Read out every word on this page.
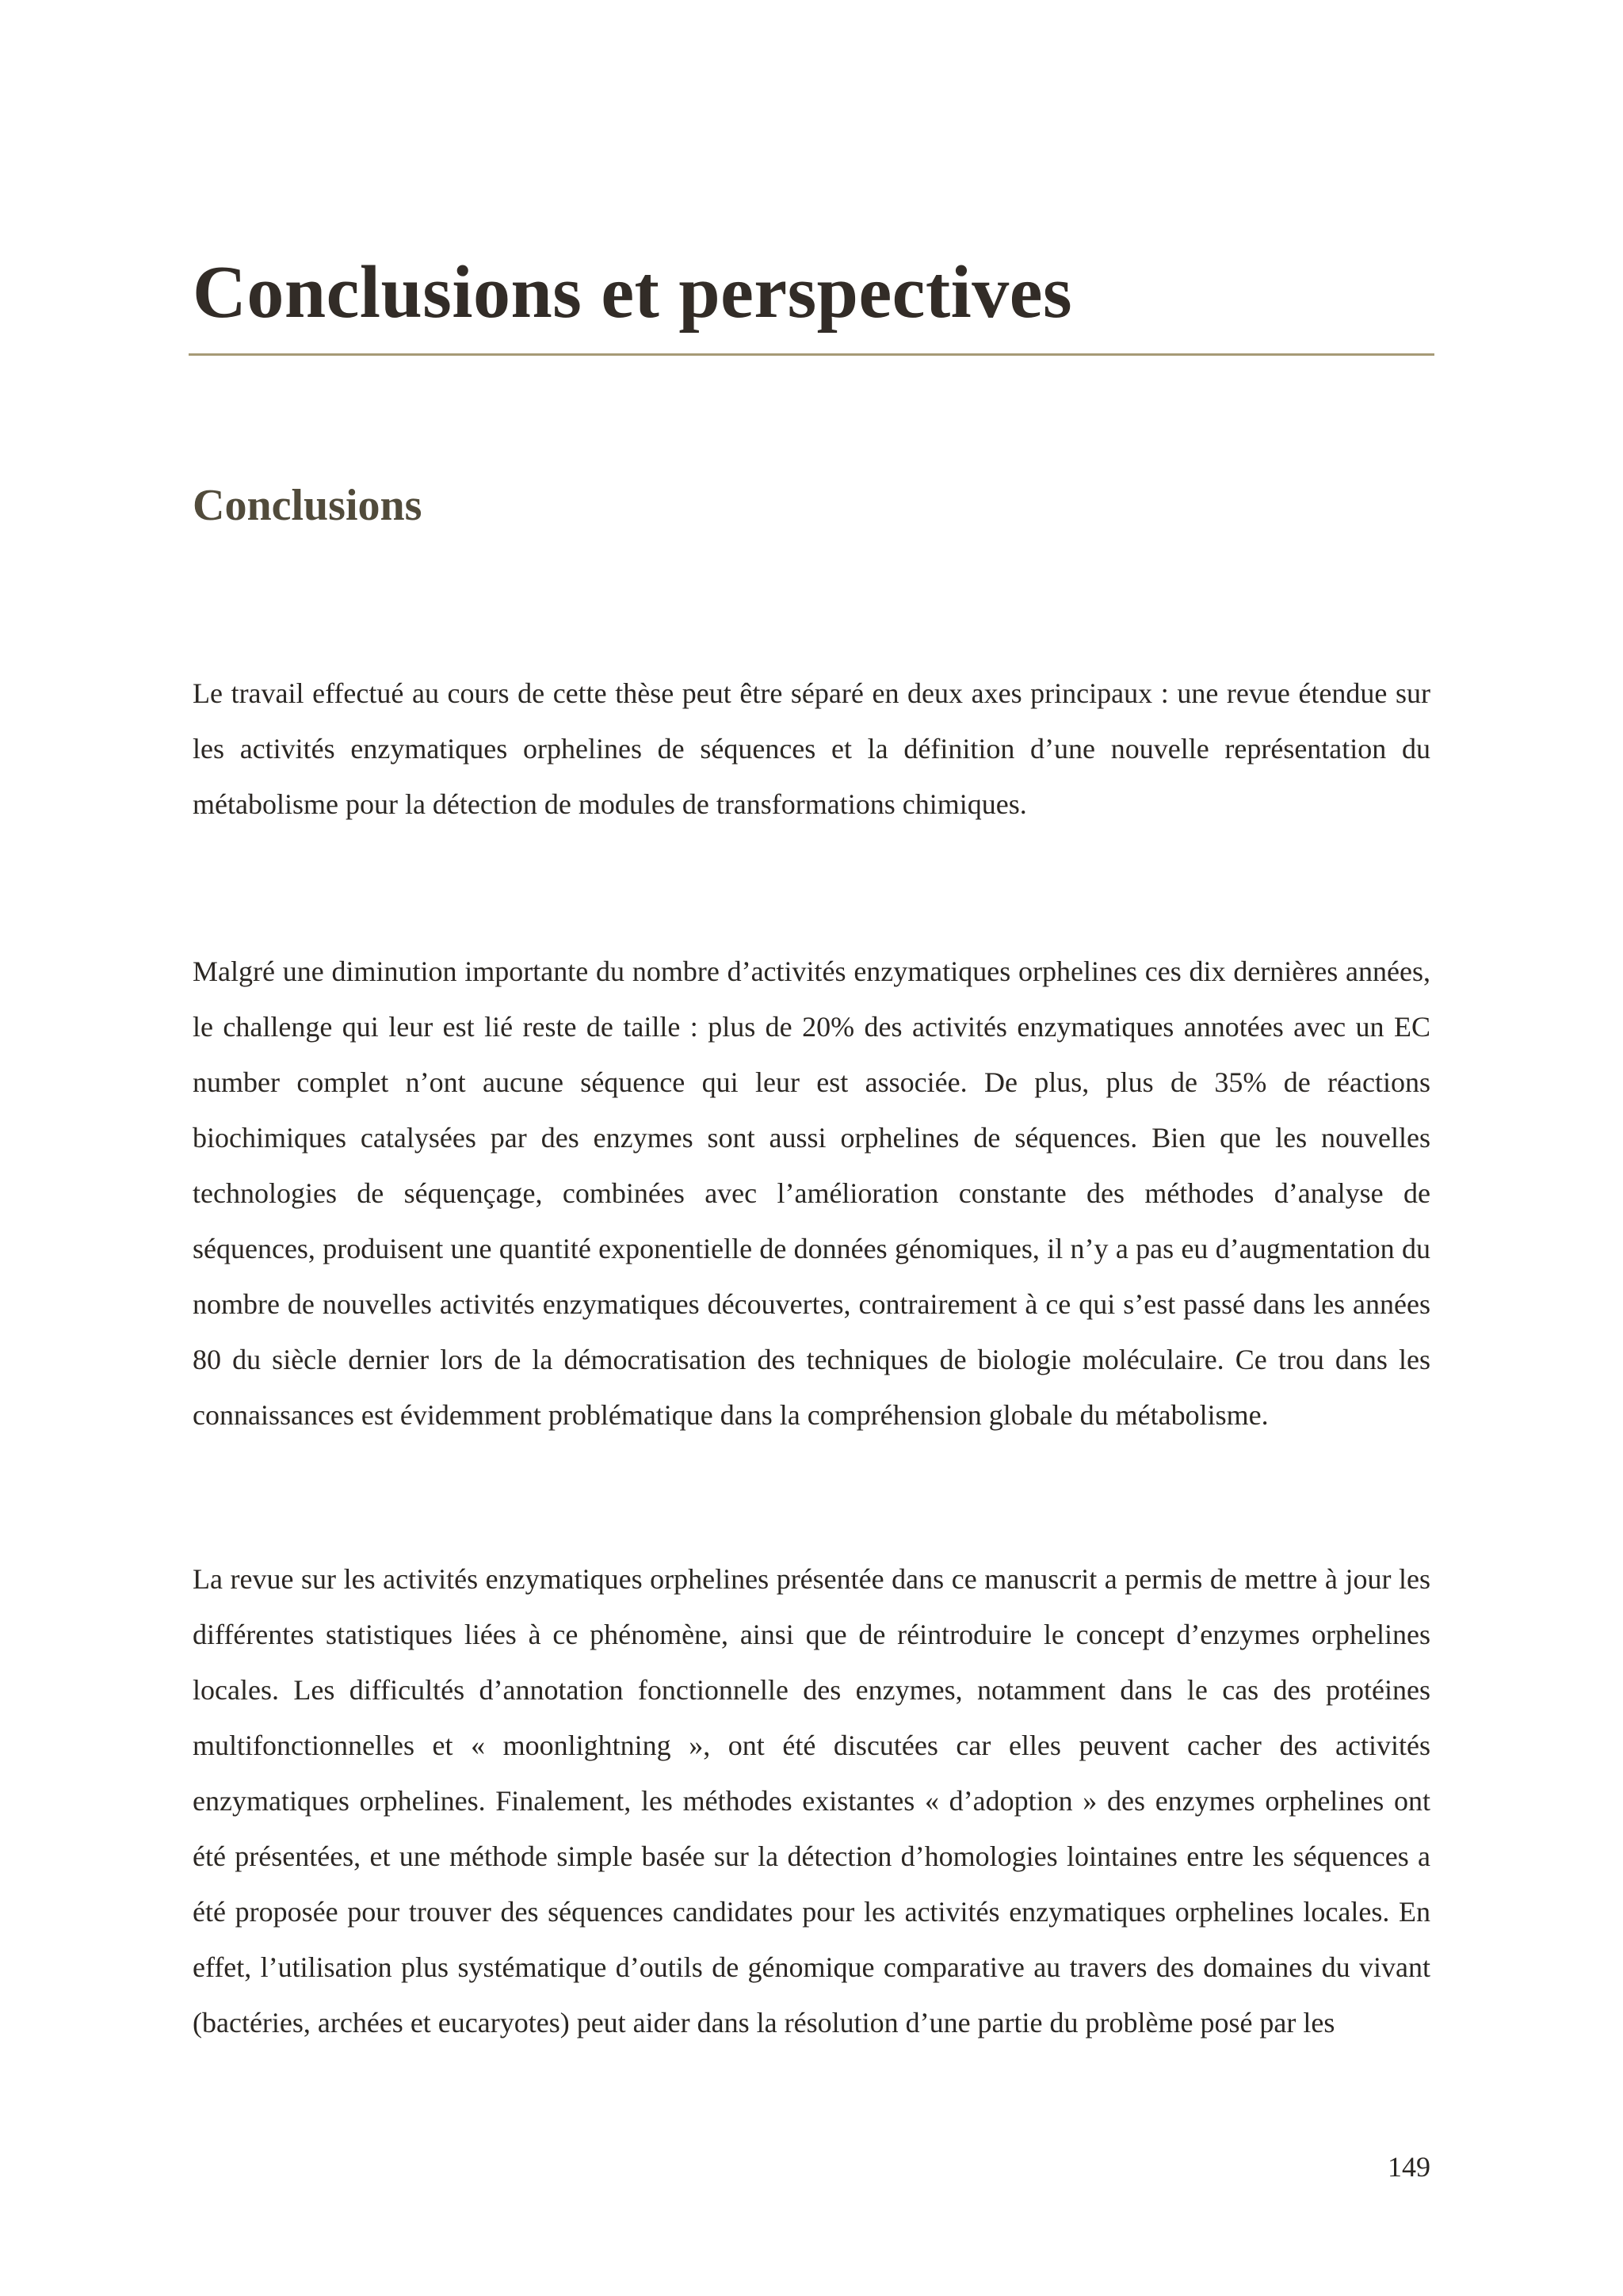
Conclusions et perspectives
Conclusions

Le travail effectué au cours de cette thèse peut être séparé en deux axes principaux : une revue étendue sur les activités enzymatiques orphelines de séquences et la définition d’une nouvelle représentation du métabolisme pour la détection de modules de transformations chimiques.

Malgré une diminution importante du nombre d’activités enzymatiques orphelines ces dix dernières années, le challenge qui leur est lié reste de taille : plus de 20% des activités enzymatiques annotées avec un EC number complet n’ont aucune séquence qui leur est associée. De plus, plus de 35% de réactions biochimiques catalysées par des enzymes sont aussi orphelines de séquences. Bien que les nouvelles technologies de séquençage, combinées avec l’amélioration constante des méthodes d’analyse de séquences, produisent une quantité exponentielle de données génomiques, il n’y a pas eu d’augmentation du nombre de nouvelles activités enzymatiques découvertes, contrairement à ce qui s’est passé dans les années 80 du siècle dernier lors de la démocratisation des techniques de biologie moléculaire. Ce trou dans les connaissances est évidemment problématique dans la compréhension globale du métabolisme.

La revue sur les activités enzymatiques orphelines présentée dans ce manuscrit a permis de mettre à jour les différentes statistiques liées à ce phénomène, ainsi que de réintroduire le concept d’enzymes orphelines locales. Les difficultés d’annotation fonctionnelle des enzymes, notamment dans le cas des protéines multifonctionnelles et « moonlightning », ont été discutées car elles peuvent cacher des activités enzymatiques orphelines. Finalement, les méthodes existantes « d’adoption » des enzymes orphelines ont été présentées, et une méthode simple basée sur la détection d’homologies lointaines entre les séquences a été proposée pour trouver des séquences candidates pour les activités enzymatiques orphelines locales. En effet, l’utilisation plus systématique d’outils de génomique comparative au travers des domaines du vivant (bactéries, archées et eucaryotes) peut aider dans la résolution d’une partie du problème posé par les

149
